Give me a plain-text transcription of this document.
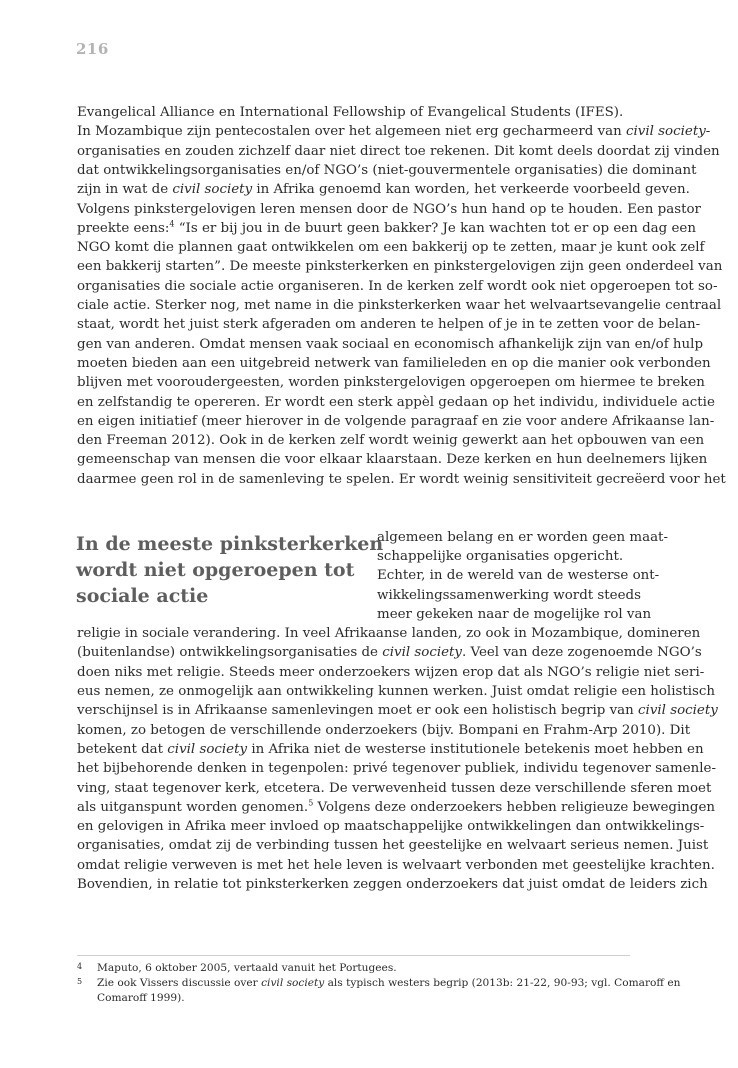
216
Evangelical Alliance en International Fellowship of Evangelical Students (IFES).
In Mozambique zijn pentecostalen over het algemeen niet erg gecharmeerd van civil society-
organisaties en zouden zichzelf daar niet direct toe rekenen. Dit komt deels doordat zij vinden
dat ontwikkelingsorganisaties en/of NGO’s (niet-gouvermentele organisaties) die dominant
zijn in wat de civil society in Afrika genoemd kan worden, het verkeerde voorbeeld geven.
Volgens pinkstergelovigen leren mensen door de NGO’s hun hand op te houden. Een pastor
preekte eens:$^4$ “Is er bij jou in de buurt geen bakker? Je kan wachten tot er op een dag een
NGO komt die plannen gaat ontwikkelen om een bakkerij op te zetten, maar je kunt ook zelf
een bakkerij starten”. De meeste pinksterkerken en pinkstergelovigen zijn geen onderdeel van
organisaties die sociale actie organiseren. In de kerken zelf wordt ook niet opgeroepen tot so-
ciale actie. Sterker nog, met name in die pinksterkerken waar het welvaartsevangelie centraal
staat, wordt het juist sterk afgeraden om anderen te helpen of je in te zetten voor de belan-
gen van anderen. Omdat mensen vaak sociaal en economisch afhankelijk zijn van en/of hulp
moeten bieden aan een uitgebreid netwerk van familieleden en op die manier ook verbonden
blijven met vooroudergeesten, worden pinkstergelovigen opgeroepen om hiermee te breken
en zelfstandig te opereren. Er wordt een sterk appèl gedaan op het individu, individuele actie
en eigen initiatief (meer hierover in de volgende paragraaf en zie voor andere Afrikaanse lan-
den Freeman 2012). Ook in de kerken zelf wordt weinig gewerkt aan het opbouwen van een
gemeenschap van mensen die voor elkaar klaarstaan. Deze kerken en hun deelnemers lijken
daarmee geen rol in de samenleving te spelen. Er wordt weinig sensitiviteit gecreëerd voor het
In de meeste pinksterkerken
wordt niet opgeroepen tot
sociale actie
algemeen belang en er worden geen maat-
schappelijke organisaties opgericht.
Echter, in de wereld van de westerse ont-
wikkelingssamenwerking wordt steeds
meer gekeken naar de mogelijke rol van
religie in sociale verandering. In veel Afrikaanse landen, zo ook in Mozambique, domineren
(buitenlandse) ontwikkelingsorganisaties de civil society. Veel van deze zogenoemde NGO’s
doen niks met religie. Steeds meer onderzoekers wijzen erop dat als NGO’s religie niet seri-
eus nemen, ze onmogelijk aan ontwikkeling kunnen werken. Juist omdat religie een holistisch
verschijnsel is in Afrikaanse samenlevingen moet er ook een holistisch begrip van civil society
komen, zo betogen de verschillende onderzoekers (bijv. Bompani en Frahm-Arp 2010). Dit
betekent dat civil society in Afrika niet de westerse institutionele betekenis moet hebben en
het bijbehorende denken in tegenpolen: privé tegenover publiek, individu tegenover samenle-
ving, staat tegenover kerk, etcetera. De verwevenheid tussen deze verschillende sferen moet
als uitganspunt worden genomen.$^5$ Volgens deze onderzoekers hebben religieuze bewegingen
en gelovigen in Afrika meer invloed op maatschappelijke ontwikkelingen dan ontwikkelings-
organisaties, omdat zij de verbinding tussen het geestelijke en welvaart serieus nemen. Juist
omdat religie verweven is met het hele leven is welvaart verbonden met geestelijke krachten.
Bovendien, in relatie tot pinksterkerken zeggen onderzoekers dat juist omdat de leiders zich
4 Maputo, 6 oktober 2005, vertaald vanuit het Portugees.
5 Zie ook Vissers discussie over civil society als typisch westers begrip (2013b: 21-22, 90-93; vgl. Comaroff en
Comaroff 1999).
